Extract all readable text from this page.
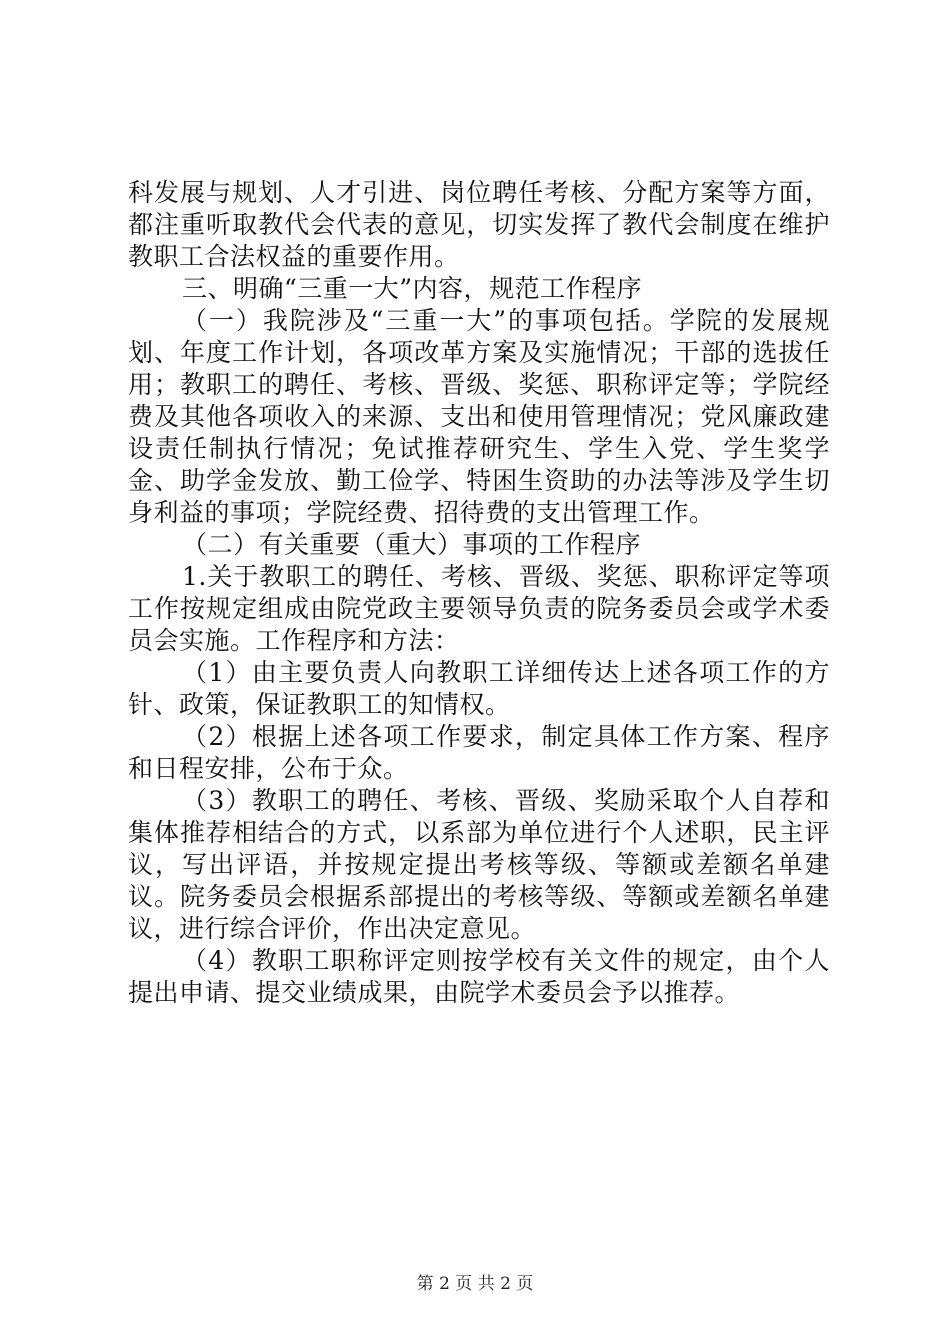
科发展与规划、人才引进、岗位聘任考核、分配方案等方面，都注重听取教代会代表的意见，切实发挥了教代会制度在维护教职工合法权益的重要作用。

三、明确“三重一大”内容，规范工作程序

（一）我院涉及“三重一大”的事项包括。学院的发展规划、年度工作计划，各项改革方案及实施情况；干部的选拔任用；教职工的聘任、考核、晋级、奖惩、职称评定等；学院经费及其他各项收入的来源、支出和使用管理情况；党风廉政建设责任制执行情况；免试推荐研究生、学生入党、学生奖学金、助学金发放、勤工俭学、特困生资助的办法等涉及学生切身利益的事项；学院经费、招待费的支出管理工作。

（二）有关重要（重大）事项的工作程序

1.关于教职工的聘任、考核、晋级、奖惩、职称评定等项工作按规定组成由院党政主要领导负责的院务委员会或学术委员会实施。工作程序和方法：

（1）由主要负责人向教职工详细传达上述各项工作的方针、政策，保证教职工的知情权。

（2）根据上述各项工作要求，制定具体工作方案、程序和日程安排，公布于众。

（3）教职工的聘任、考核、晋级、奖励采取个人自荐和集体推荐相结合的方式，以系部为单位进行个人述职，民主评议，写出评语，并按规定提出考核等级、等额或差额名单建议。院务委员会根据系部提出的考核等级、等额或差额名单建议，进行综合评价，作出决定意见。

（4）教职工职称评定则按学校有关文件的规定，由个人提出申请、提交业绩成果，由院学术委员会予以推荐。

第 2 页 共 2 页
